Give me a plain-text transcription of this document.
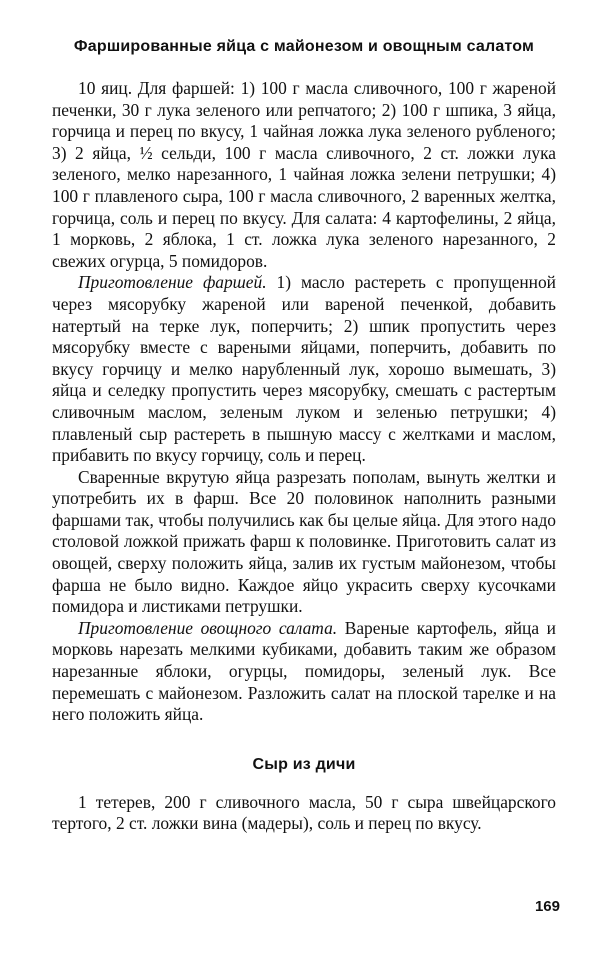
Фаршированные яйца с майонезом и овощным салатом

10 яиц. Для фаршей: 1) 100 г масла сливочного, 100 г жареной печенки, 30 г лука зеленого или репчатого; 2) 100 г шпика, 3 яйца, горчица и перец по вкусу, 1 чайная ложка лука зеленого рубленого; 3) 2 яйца, ½ сельди, 100 г масла сливочного, 2 ст. ложки лука зеленого, мелко нарезанного, 1 чайная ложка зелени петрушки; 4) 100 г плавленого сыра, 100 г масла сливочного, 2 варенных желтка, горчица, соль и перец по вкусу. Для салата: 4 картофелины, 2 яйца, 1 морковь, 2 яблока, 1 ст. ложка лука зеленого нарезанного, 2 свежих огурца, 5 помидоров.

Приготовление фаршей. 1) масло растереть с пропущенной через мясорубку жареной или вареной печенкой, добавить натертый на терке лук, поперчить; 2) шпик пропустить через мясорубку вместе с вареными яйцами, поперчить, добавить по вкусу горчицу и мелко нарубленный лук, хорошо вымешать, 3) яйца и селедку пропустить через мясорубку, смешать с растертым сливочным маслом, зеленым луком и зеленью петрушки; 4) плавленый сыр растереть в пышную массу с желтками и маслом, прибавить по вкусу горчицу, соль и перец.

Сваренные вкрутую яйца разрезать пополам, вынуть желтки и употребить их в фарш. Все 20 половинок наполнить разными фаршами так, чтобы получились как бы целые яйца. Для этого надо столовой ложкой прижать фарш к половинке. Приготовить салат из овощей, сверху положить яйца, залив их густым майонезом, чтобы фарша не было видно. Каждое яйцо украсить сверху кусочками помидора и листиками петрушки.

Приготовление овощного салата. Вареные картофель, яйца и морковь нарезать мелкими кубиками, добавить таким же образом нарезанные яблоки, огурцы, помидоры, зеленый лук. Все перемешать с майонезом. Разложить салат на плоской тарелке и на него положить яйца.

Сыр из дичи

1 тетерев, 200 г сливочного масла, 50 г сыра швейцарского тертого, 2 ст. ложки вина (мадеры), соль и перец по вкусу.

169
